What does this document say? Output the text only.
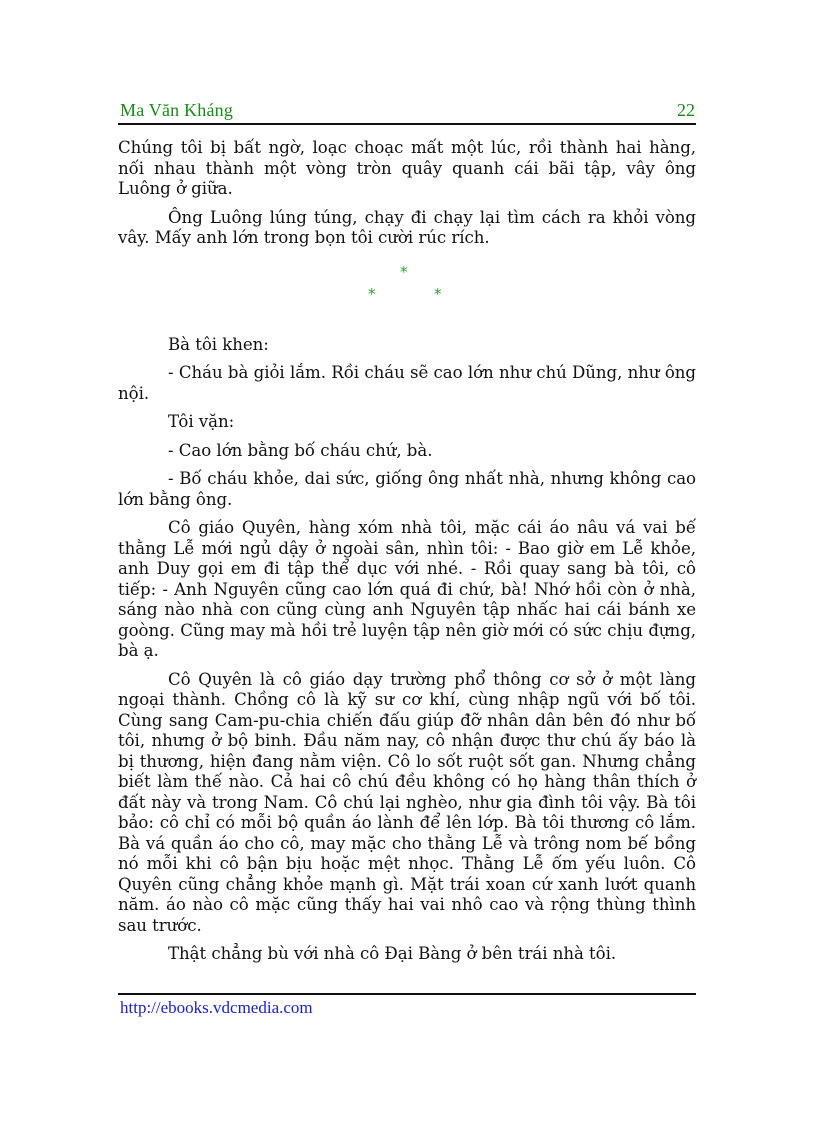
Ma Văn Kháng	22

Chúng tôi bị bất ngờ, loạc choạc mất một lúc, rồi thành hai hàng, nối nhau thành một vòng tròn quây quanh cái bãi tập, vây ông Luông ở giữa.

Ông Luông lúng túng, chạy đi chạy lại tìm cách ra khỏi vòng vây. Mấy anh lớn trong bọn tôi cười rúc rích.

*
*	*

Bà tôi khen:

- Cháu bà giỏi lắm. Rồi cháu sẽ cao lớn như chú Dũng, như ông nội.

Tôi vặn:

- Cao lớn bằng bố cháu chứ, bà.

- Bố cháu khỏe, dai sức, giống ông nhất nhà, nhưng không cao lớn bằng ông.

Cô giáo Quyên, hàng xóm nhà tôi, mặc cái áo nâu vá vai bế thằng Lễ mới ngủ dậy ở ngoài sân, nhìn tôi: - Bao giờ em Lễ khỏe, anh Duy gọi em đi tập thể dục với nhé. - Rồi quay sang bà tôi, cô tiếp: - Anh Nguyên cũng cao lớn quá đi chứ, bà! Nhớ hồi còn ở nhà, sáng nào nhà con cũng cùng anh Nguyên tập nhấc hai cái bánh xe goòng. Cũng may mà hồi trẻ luyện tập nên giờ mới có sức chịu đựng, bà ạ.

Cô Quyên là cô giáo dạy trường phổ thông cơ sở ở một làng ngoại thành. Chồng cô là kỹ sư cơ khí, cùng nhập ngũ với bố tôi. Cùng sang Cam-pu-chia chiến đấu giúp đỡ nhân dân bên đó như bố tôi, nhưng ở bộ binh. Đầu năm nay, cô nhận được thư chú ấy báo là bị thương, hiện đang nằm viện. Cô lo sốt ruột sốt gan. Nhưng chẳng biết làm thế nào. Cả hai cô chú đều không có họ hàng thân thích ở đất này và trong Nam. Cô chú lại nghèo, như gia đình tôi vậy. Bà tôi bảo: cô chỉ có mỗi bộ quần áo lành để lên lớp. Bà tôi thương cô lắm. Bà vá quần áo cho cô, may mặc cho thằng Lễ và trông nom bế bồng nó mỗi khi cô bận bịu hoặc mệt nhọc. Thằng Lễ ốm yếu luôn. Cô Quyên cũng chẳng khỏe mạnh gì. Mặt trái xoan cứ xanh lướt quanh năm. áo nào cô mặc cũng thấy hai vai nhô cao và rộng thùng thình sau trước.

Thật chẳng bù với nhà cô Đại Bàng ở bên trái nhà tôi.

http://ebooks.vdcmedia.com
